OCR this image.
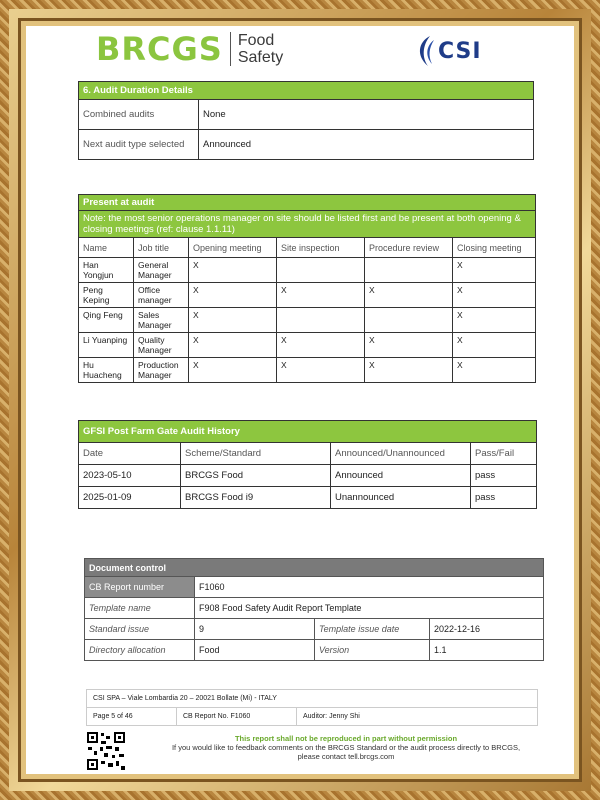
BRCGS Food
Safety	CSI
6. Audit Duration Details	
Combined audits	None
Next audit type selected	Announced
Present at audit					
Note: the most senior operations manager on site should be listed first and be present at both opening & closing meetings (ref: clause 1.1.11)					
Name	Job title	Opening meeting	Site inspection	Procedure review	Closing meeting
Han Yongjun	General Manager	X			X
Peng Keping	Office manager	X	X	X	X
Qing Feng	Sales Manager	X			X
Li Yuanping	Quality Manager	X	X	X	X
Hu Huacheng	Production Manager	X	X	X	X
GFSI Post Farm Gate Audit History			
Date	Scheme/Standard	Announced/Unannounced	Pass/Fail
2023-05-10	BRCGS Food	Announced	pass
2025-01-09	BRCGS Food i9	Unannounced	pass
Document control			
CB Report number	F1060		
Template name	F908 Food Safety Audit Report Template		
Standard issue	9	Template issue date	2022-12-16
Directory allocation	Food	Version	1.1
CSI SPA – Viale Lombardia 20 – 20021 Bollate (Mi) - ITALY
Page 5 of 46	CB Report No. F1060	Auditor: Jenny Shi
This report shall not be reproduced in part without permission
If you would like to feedback comments on the BRCGS Standard or the audit process directly to BRCGS,
please contact tell.brcgs.com
